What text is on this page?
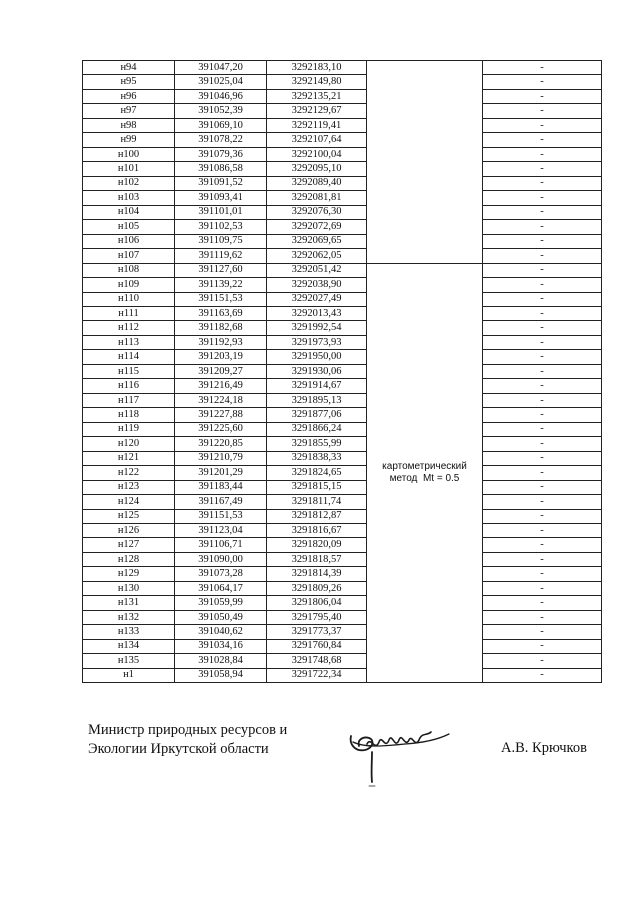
н94	391047,20	3292183,10		-
н95	391025,04	3292149,80		-
н96	391046,96	3292135,21		-
н97	391052,39	3292129,67		-
н98	391069,10	3292119,41		-
н99	391078,22	3292107,64		-
н100	391079,36	3292100,04		-
н101	391086,58	3292095,10		-
н102	391091,52	3292089,40		-
н103	391093,41	3292081,81		-
н104	391101,01	3292076,30		-
н105	391102,53	3292072,69		-
н106	391109,75	3292069,65		-
н107	391119,62	3292062,05		-
н108	391127,60	3292051,42	картометрический
метод  Mt = 0.5	-
н109	391139,22	3292038,90		-
н110	391151,53	3292027,49		-
н111	391163,69	3292013,43		-
н112	391182,68	3291992,54		-
н113	391192,93	3291973,93		-
н114	391203,19	3291950,00		-
н115	391209,27	3291930,06		-
н116	391216,49	3291914,67		-
н117	391224,18	3291895,13		-
н118	391227,88	3291877,06		-
н119	391225,60	3291866,24		-
н120	391220,85	3291855,99		-
н121	391210,79	3291838,33		-
н122	391201,29	3291824,65		-
н123	391183,44	3291815,15		-
н124	391167,49	3291811,74		-
н125	391151,53	3291812,87		-
н126	391123,04	3291816,67		-
н127	391106,71	3291820,09		-
н128	391090,00	3291818,57		-
н129	391073,28	3291814,39		-
н130	391064,17	3291809,26		-
н131	391059,99	3291806,04		-
н132	391050,49	3291795,40		-
н133	391040,62	3291773,37		-
н134	391034,16	3291760,84		-
н135	391028,84	3291748,68		-
н1	391058,94	3291722,34		-
Министр природных ресурсов и
Экологии Иркутской области	А.В. Крючков
